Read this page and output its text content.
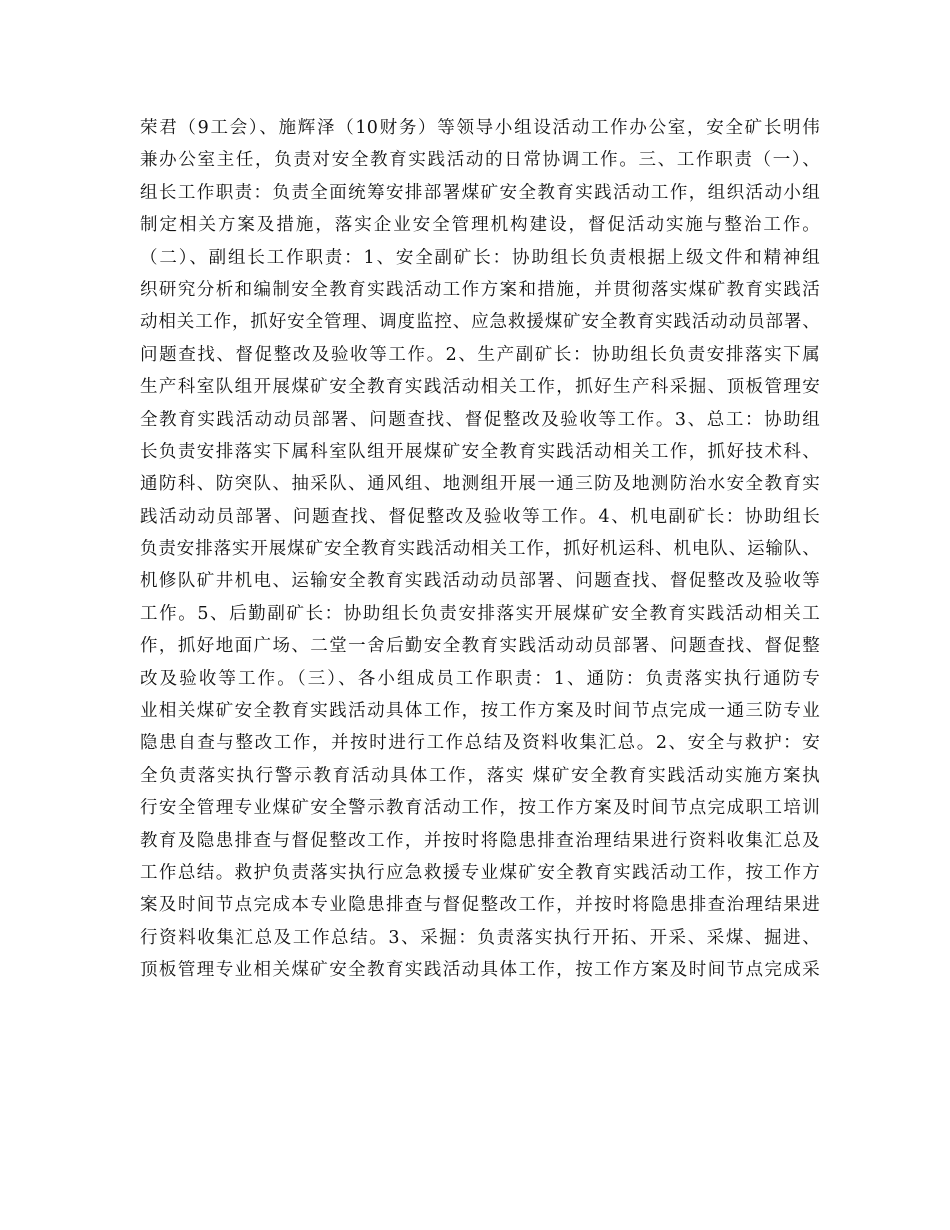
荣君（9工会）、施辉泽（10财务）等领导小组设活动工作办公室，安全矿长明伟
兼办公室主任，负责对安全教育实践活动的日常协调工作。三、工作职责（一）、
组长工作职责：负责全面统筹安排部署煤矿安全教育实践活动工作，组织活动小组
制定相关方案及措施，落实企业安全管理机构建设，督促活动实施与整治工作。
（二）、副组长工作职责：1、安全副矿长：协助组长负责根据上级文件和精神组
织研究分析和编制安全教育实践活动工作方案和措施，并贯彻落实煤矿教育实践活
动相关工作，抓好安全管理、调度监控、应急救援煤矿安全教育实践活动动员部署、
问题查找、督促整改及验收等工作。2、生产副矿长：协助组长负责安排落实下属
生产科室队组开展煤矿安全教育实践活动相关工作，抓好生产科采掘、顶板管理安
全教育实践活动动员部署、问题查找、督促整改及验收等工作。3、总工：协助组
长负责安排落实下属科室队组开展煤矿安全教育实践活动相关工作，抓好技术科、
通防科、防突队、抽采队、通风组、地测组开展一通三防及地测防治水安全教育实
践活动动员部署、问题查找、督促整改及验收等工作。4、机电副矿长：协助组长
负责安排落实开展煤矿安全教育实践活动相关工作，抓好机运科、机电队、运输队、
机修队矿井机电、运输安全教育实践活动动员部署、问题查找、督促整改及验收等
工作。5、后勤副矿长：协助组长负责安排落实开展煤矿安全教育实践活动相关工
作，抓好地面广场、二堂一舍后勤安全教育实践活动动员部署、问题查找、督促整
改及验收等工作。（三）、各小组成员工作职责：1、通防：负责落实执行通防专
业相关煤矿安全教育实践活动具体工作，按工作方案及时间节点完成一通三防专业
隐患自查与整改工作，并按时进行工作总结及资料收集汇总。2、安全与救护：安
全负责落实执行警示教育活动具体工作，落实 煤矿安全教育实践活动实施方案执
行安全管理专业煤矿安全警示教育活动工作，按工作方案及时间节点完成职工培训
教育及隐患排查与督促整改工作，并按时将隐患排查治理结果进行资料收集汇总及
工作总结。救护负责落实执行应急救援专业煤矿安全教育实践活动工作，按工作方
案及时间节点完成本专业隐患排查与督促整改工作，并按时将隐患排查治理结果进
行资料收集汇总及工作总结。3、采掘：负责落实执行开拓、开采、采煤、掘进、
顶板管理专业相关煤矿安全教育实践活动具体工作，按工作方案及时间节点完成采
